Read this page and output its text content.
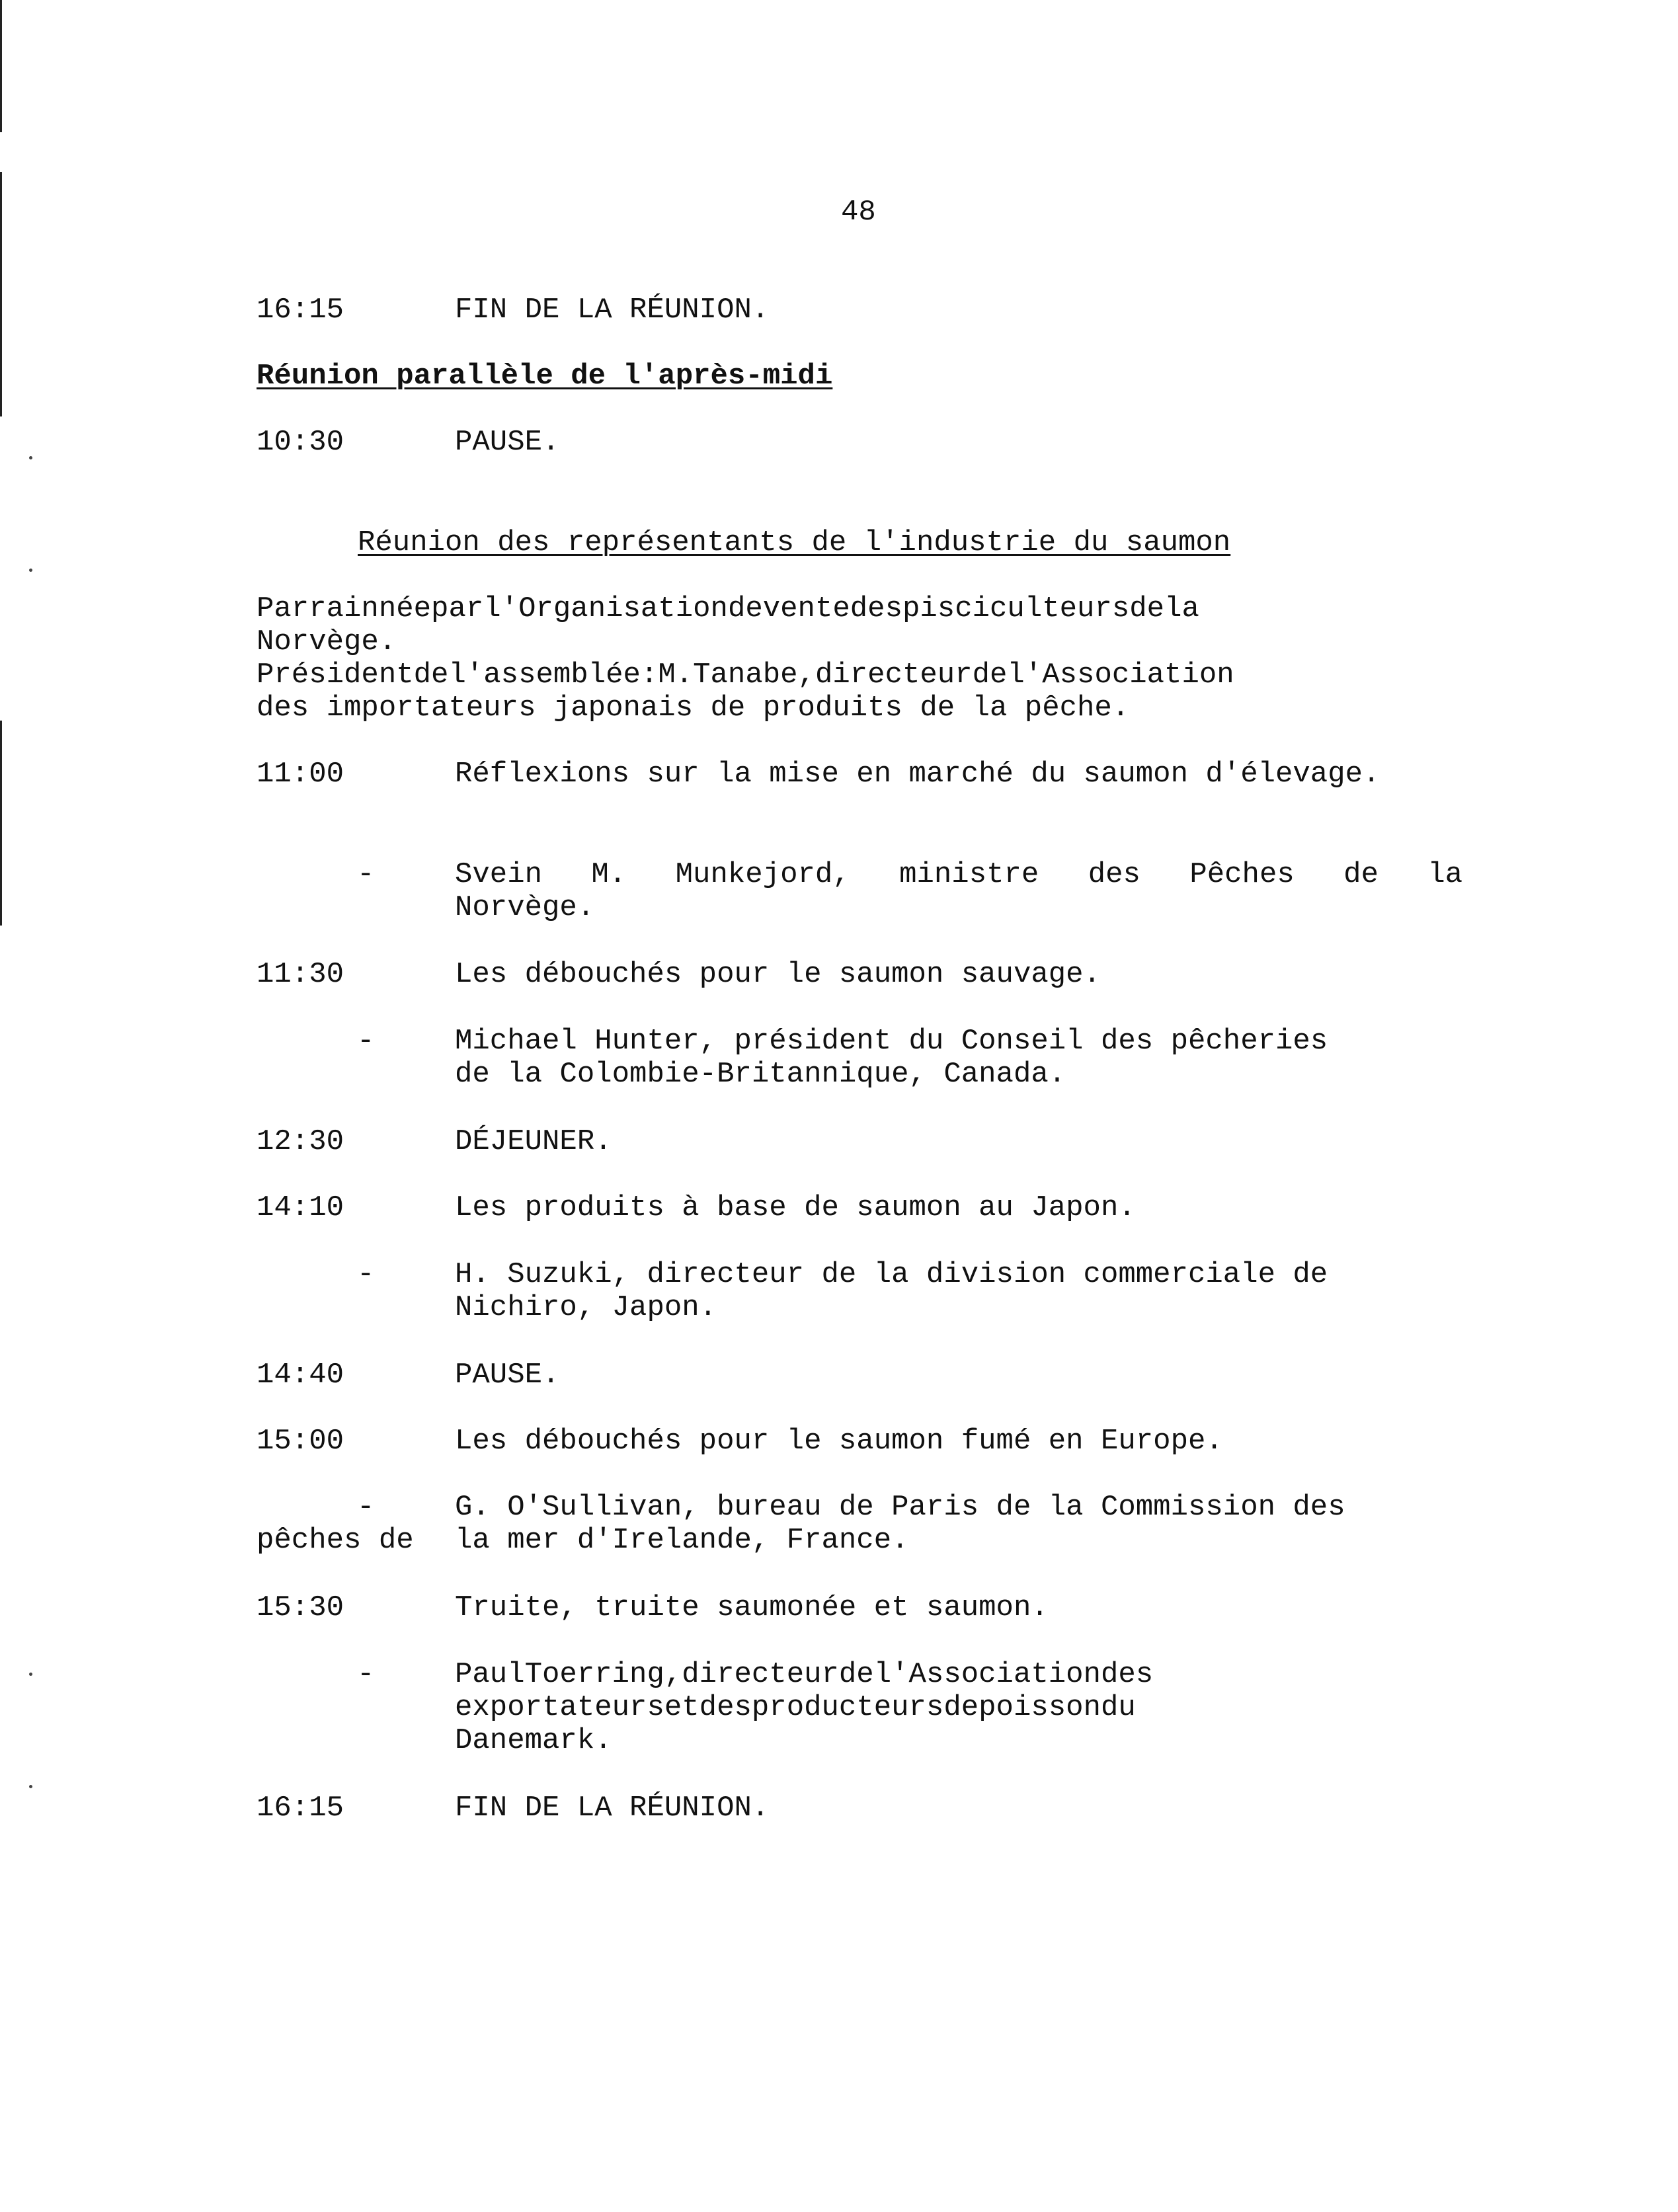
48

16:15	FIN DE LA RÉUNION.

Réunion parallèle de l'après-midi

10:30	PAUSE.

Réunion des représentants de l'industrie du saumon

Parrainnéeparl'Organisationdeventedespisciculteursdela
Norvège.
Présidentdel'assemblée:M.Tanabe,directeurdel'Association
des importateurs japonais de produits de la pêche.

11:00	Réflexions sur la mise en marché du saumon d'élevage.

-	Svein M. Munkejord, ministre des Pêches de la
Norvège.

11:30	Les débouchés pour le saumon sauvage.

-	Michael Hunter, président du Conseil des pêcheries
de la Colombie-Britannique, Canada.

12:30	DÉJEUNER.

14:10	Les produits à base de saumon au Japon.

-	H. Suzuki, directeur de la division commerciale de
Nichiro, Japon.

14:40	PAUSE.

15:00	Les débouchés pour le saumon fumé en Europe.

-	G. O'Sullivan, bureau de Paris de la Commission des

pêches de la mer d'Irelande, France.

15:30	Truite, truite saumonée et saumon.

-	PaulToerring,directeurdel'Associationdes
exportateursetdesproducteursdepoissondu
Danemark.

16:15	FIN DE LA RÉUNION.
